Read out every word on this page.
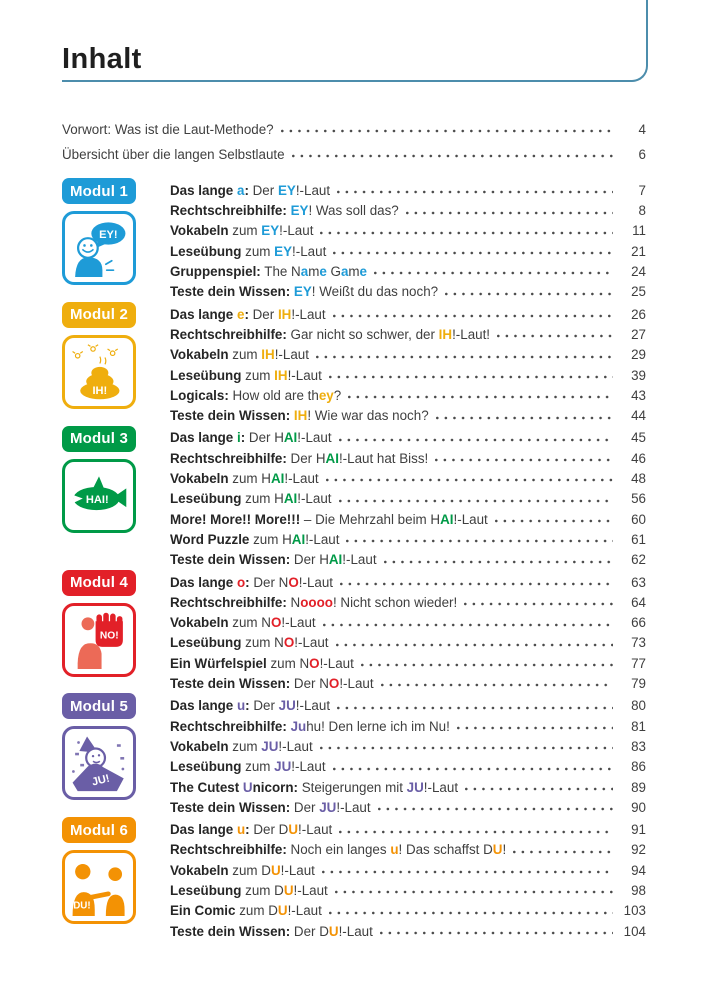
Inhalt
Vorwort: Was ist die Laut-Methode?	4
Übersicht über die langen Selbstlaute	6
Modul 1
EY!
Das lange a: Der EY!-Laut	7
Rechtschreibhilfe: EY! Was soll das?	8
Vokabeln zum EY!-Laut	11
Leseübung zum EY!-Laut	21
Gruppenspiel: The Name Game	24
Teste dein Wissen: EY! Weißt du das noch?	25
Modul 2
IH!
Das lange e: Der IH!-Laut	26
Rechtschreibhilfe: Gar nicht so schwer, der IH!-Laut!	27
Vokabeln zum IH!-Laut	29
Leseübung zum IH!-Laut	39
Logicals: How old are they?	43
Teste dein Wissen: IH! Wie war das noch?	44
Modul 3
HAI!
Das lange i: Der HAI!-Laut	45
Rechtschreibhilfe: Der HAI!-Laut hat Biss!	46
Vokabeln zum HAI!-Laut	48
Leseübung zum HAI!-Laut	56
More! More!! More!!! – Die Mehrzahl beim HAI!-Laut	60
Word Puzzle zum HAI!-Laut	61
Teste dein Wissen: Der HAI!-Laut	62
Modul 4
NO!
Das lange o: Der NO!-Laut	63
Rechtschreibhilfe: Noooo! Nicht schon wieder!	64
Vokabeln zum NO!-Laut	66
Leseübung zum NO!-Laut	73
Ein Würfelspiel zum NO!-Laut	77
Teste dein Wissen: Der NO!-Laut	79
Modul 5
JU!
Das lange u: Der JU!-Laut	80
Rechtschreibhilfe: Juhu! Den lerne ich im Nu!	81
Vokabeln zum JU!-Laut	83
Leseübung zum JU!-Laut	86
The Cutest Unicorn: Steigerungen mit JU!-Laut	89
Teste dein Wissen: Der JU!-Laut	90
Modul 6
DU!
Das lange u: Der DU!-Laut	91
Rechtschreibhilfe: Noch ein langes u! Das schaffst DU!	92
Vokabeln zum DU!-Laut	94
Leseübung zum DU!-Laut	98
Ein Comic zum DU!-Laut	103
Teste dein Wissen: Der DU!-Laut	104
